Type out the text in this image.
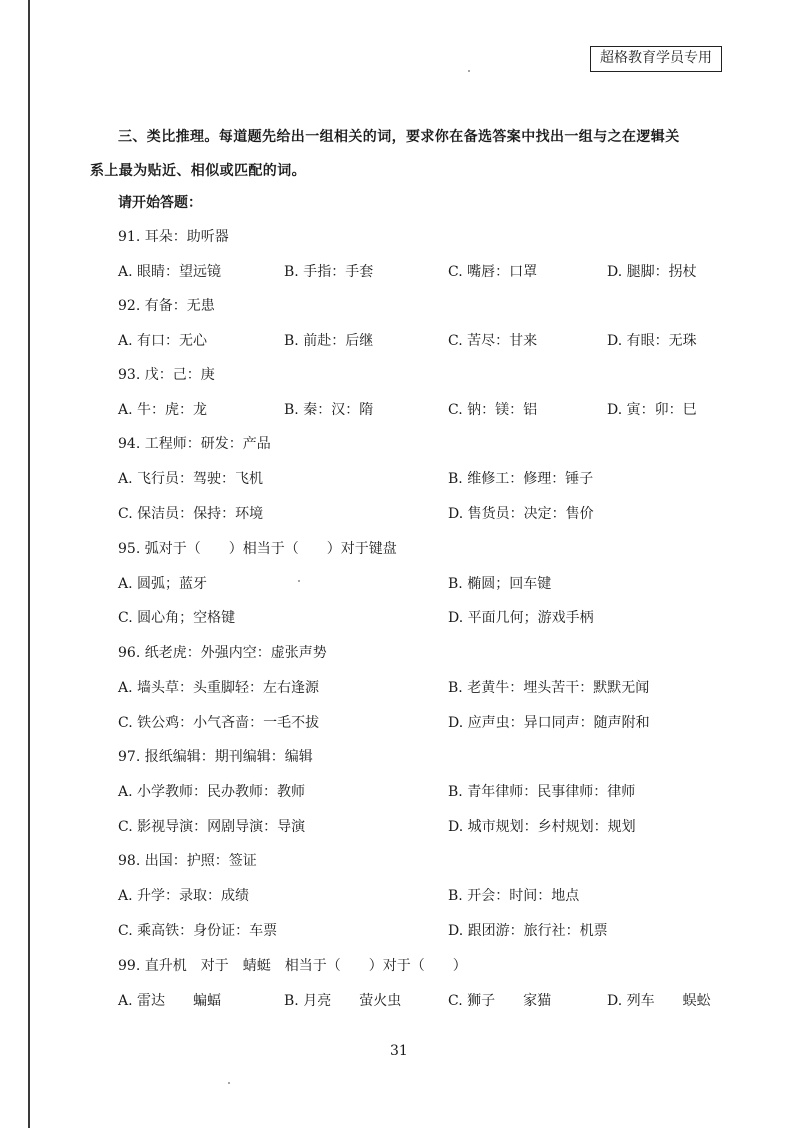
超格教育学员专用
三、类比推理。每道题先给出一组相关的词，要求你在备选答案中找出一组与之在逻辑关
系上最为贴近、相似或匹配的词。
请开始答题：
91. 耳朵：助听器
A. 眼睛：望远镜	B. 手指：手套	C. 嘴唇：口罩	D. 腿脚：拐杖
92. 有备：无患
A. 有口：无心	B. 前赴：后继	C. 苦尽：甘来	D. 有眼：无珠
93. 戊：己：庚
A. 牛：虎：龙	B. 秦：汉：隋	C. 钠：镁：铝	D. 寅：卯：巳
94. 工程师：研发：产品
A. 飞行员：驾驶：飞机	B. 维修工：修理：锤子
C. 保洁员：保持：环境	D. 售货员：决定：售价
95. 弧对于（　　）相当于（　　）对于键盘
A. 圆弧；蓝牙	B. 椭圆；回车键
C. 圆心角；空格键	D. 平面几何；游戏手柄
96. 纸老虎：外强内空：虚张声势
A. 墙头草：头重脚轻：左右逢源	B. 老黄牛：埋头苦干：默默无闻
C. 铁公鸡：小气吝啬：一毛不拔	D. 应声虫：异口同声：随声附和
97. 报纸编辑：期刊编辑：编辑
A. 小学教师：民办教师：教师	B. 青年律师：民事律师：律师
C. 影视导演：网剧导演：导演	D. 城市规划：乡村规划：规划
98. 出国：护照：签证
A. 升学：录取：成绩	B. 开会：时间：地点
C. 乘高铁：身份证：车票	D. 跟团游：旅行社：机票
99. 直升机　对于　蜻蜓　相当于（　　）对于（　　）
A. 雷达　　蝙蝠	B. 月亮　　萤火虫	C. 狮子　　家猫	D. 列车　　蜈蚣
31
